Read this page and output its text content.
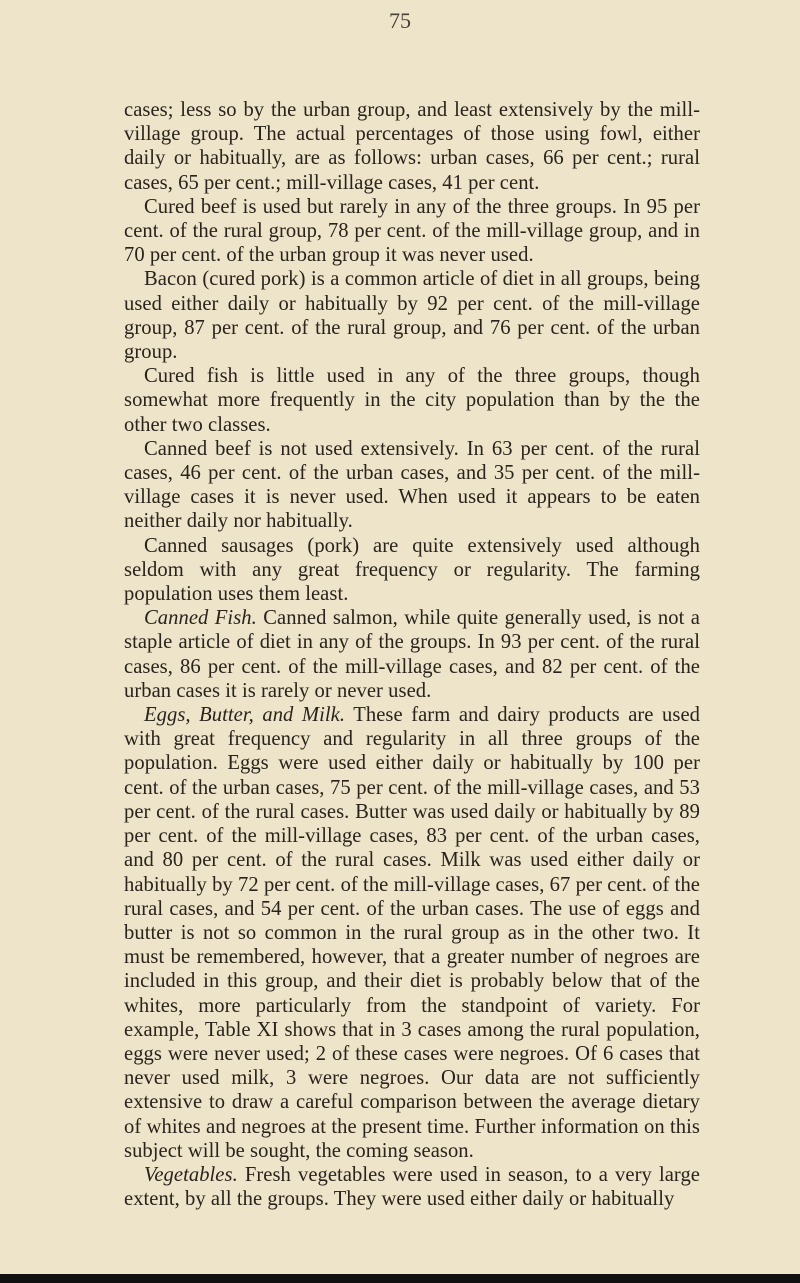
75

cases; less so by the urban group, and least extensively by the mill-village group. The actual percentages of those using fowl, either daily or habitually, are as follows: urban cases, 66 per cent.; rural cases, 65 per cent.; mill-village cases, 41 per cent.

Cured beef is used but rarely in any of the three groups. In 95 per cent. of the rural group, 78 per cent. of the mill-village group, and in 70 per cent. of the urban group it was never used.

Bacon (cured pork) is a common article of diet in all groups, being used either daily or habitually by 92 per cent. of the mill-village group, 87 per cent. of the rural group, and 76 per cent. of the urban group.

Cured fish is little used in any of the three groups, though somewhat more frequently in the city population than by the the other two classes.

Canned beef is not used extensively. In 63 per cent. of the rural cases, 46 per cent. of the urban cases, and 35 per cent. of the mill-village cases it is never used. When used it appears to be eaten neither daily nor habitually.

Canned sausages (pork) are quite extensively used although seldom with any great frequency or regularity. The farming population uses them least.

Canned Fish. Canned salmon, while quite generally used, is not a staple article of diet in any of the groups. In 93 per cent. of the rural cases, 86 per cent. of the mill-village cases, and 82 per cent. of the urban cases it is rarely or never used.

Eggs, Butter, and Milk. These farm and dairy products are used with great frequency and regularity in all three groups of the population. Eggs were used either daily or habitually by 100 per cent. of the urban cases, 75 per cent. of the mill-village cases, and 53 per cent. of the rural cases. Butter was used daily or habitually by 89 per cent. of the mill-village cases, 83 per cent. of the urban cases, and 80 per cent. of the rural cases. Milk was used either daily or habitually by 72 per cent. of the mill-village cases, 67 per cent. of the rural cases, and 54 per cent. of the urban cases. The use of eggs and butter is not so common in the rural group as in the other two. It must be remembered, however, that a greater number of negroes are included in this group, and their diet is probably below that of the whites, more particularly from the standpoint of variety. For example, Table XI shows that in 3 cases among the rural population, eggs were never used; 2 of these cases were negroes. Of 6 cases that never used milk, 3 were negroes. Our data are not sufficiently extensive to draw a careful comparison between the average dietary of whites and negroes at the present time. Further information on this subject will be sought, the coming season.

Vegetables. Fresh vegetables were used in season, to a very large extent, by all the groups. They were used either daily or habitually
